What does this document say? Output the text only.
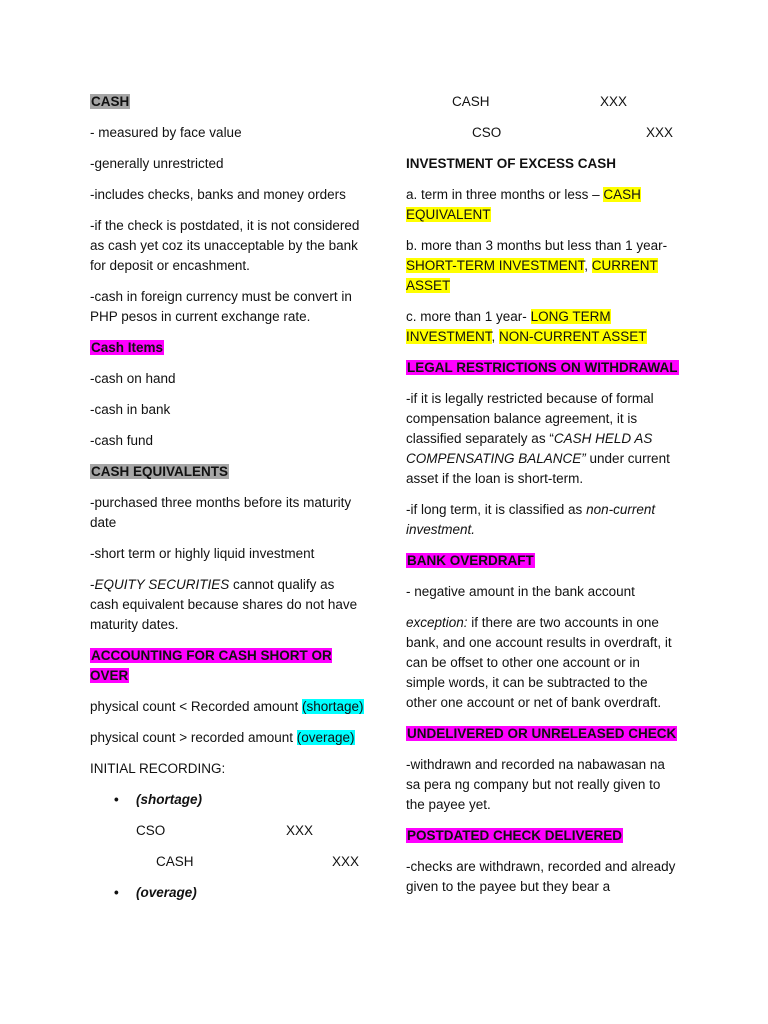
CASH

- measured by face value

-generally unrestricted

-includes checks, banks and money orders

-if the check is postdated, it is not considered as cash yet coz its unacceptable by the bank for deposit or encashment.

-cash in foreign currency must be convert in PHP pesos in current exchange rate.

Cash Items

-cash on hand

-cash in bank

-cash fund

CASH EQUIVALENTS

-purchased three months before its maturity date

-short term or highly liquid investment

-EQUITY SECURITIES cannot qualify as cash equivalent because shares do not have maturity dates.

ACCOUNTING FOR CASH SHORT OR OVER

physical count < Recorded amount (shortage)

physical count > recorded amount (overage)

INITIAL RECORDING:

• (shortage)
CSO	XXX
CASH	XXX
• (overage)
CASH	XXX
CSO	XXX

INVESTMENT OF EXCESS CASH

a. term in three months or less – CASH EQUIVALENT

b. more than 3 months but less than 1 year- SHORT-TERM INVESTMENT, CURRENT ASSET

c. more than 1 year- LONG TERM INVESTMENT, NON-CURRENT ASSET

LEGAL RESTRICTIONS ON WITHDRAWAL

-if it is legally restricted because of formal compensation balance agreement, it is classified separately as “CASH HELD AS COMPENSATING BALANCE” under current asset if the loan is short-term.

-if long term, it is classified as non-current investment.

BANK OVERDRAFT

- negative amount in the bank account

exception: if there are two accounts in one bank, and one account results in overdraft, it can be offset to other one account or in simple words, it can be subtracted to the other one account or net of bank overdraft.

UNDELIVERED OR UNRELEASED CHECK

-withdrawn and recorded na nabawasan na sa pera ng company but not really given to the payee yet.

POSTDATED CHECK DELIVERED

-checks are withdrawn, recorded and already given to the payee but they bear a
